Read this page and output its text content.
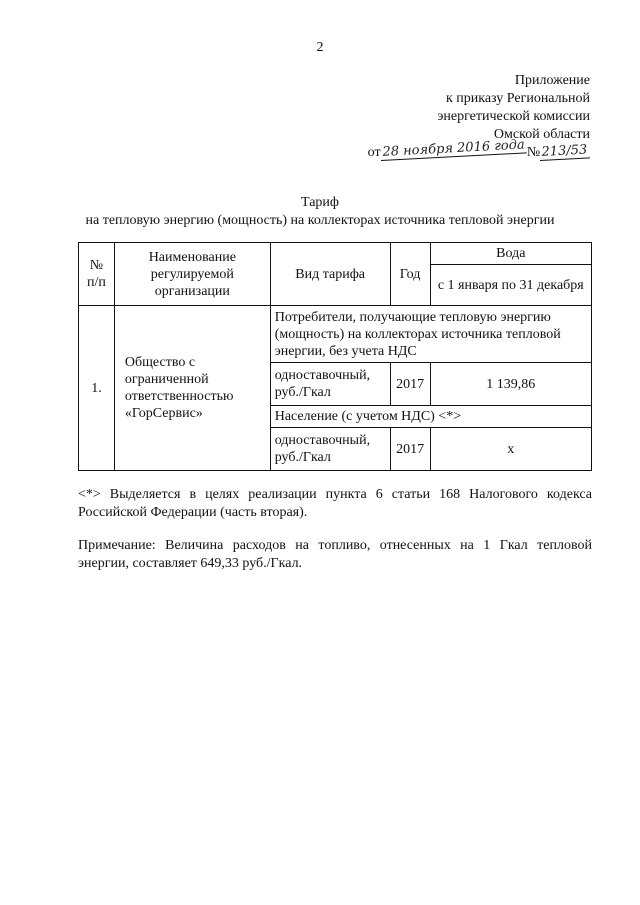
2
Приложение
к приказу Региональной
энергетической комиссии
Омской области
от 28 ноября 2016 года № 213/53
Тариф
на тепловую энергию (мощность) на коллекторах источника тепловой энергии
№ п/п	Наименование регулируемой организации	Вид тарифа	Год	Вода
				с 1 января по 31 декабря
1.	Общество с ограниченной ответственностью «ГорСервис»	Потребители, получающие тепловую энергию (мощность) на коллекторах источника тепловой энергии, без учета НДС		
		одноставочный, руб./Гкал	2017	1 139,86
		Население (с учетом НДС) <*>		
		одноставочный, руб./Гкал	2017	х
<*> Выделяется в целях реализации пункта 6 статьи 168 Налогового кодекса Российской Федерации (часть вторая).
Примечание: Величина расходов на топливо, отнесенных на 1 Гкал тепловой энергии, составляет 649,33 руб./Гкал.
